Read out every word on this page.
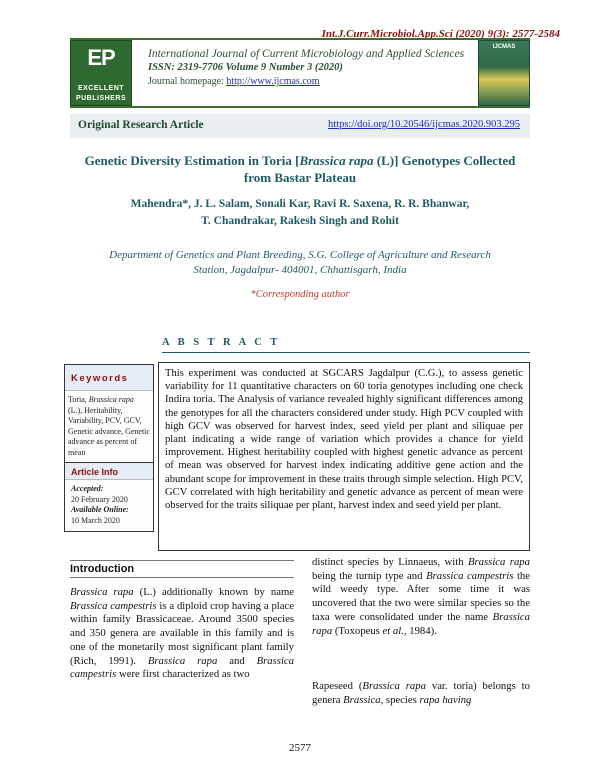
Int.J.Curr.Microbiol.App.Sci (2020) 9(3): 2577-2584
EP
EXCELLENT
PUBLISHERS
International Journal of Current Microbiology and Applied Sciences
ISSN: 2319-7706 Volume 9 Number 3 (2020)
Journal homepage: http://www.ijcmas.com
IJCMAS
Original Research Article	https://doi.org/10.20546/ijcmas.2020.903.295
Genetic Diversity Estimation in Toria [Brassica rapa (L)] Genotypes Collected from Bastar Plateau
Mahendra*, J. L. Salam, Sonali Kar, Ravi R. Saxena, R. R. Bhanwar,
T. Chandrakar, Rakesh Singh and Rohit
Department of Genetics and Plant Breeding, S.G. College of Agriculture and Research
Station, Jagdalpur- 404001, Chhattisgarh, India
*Corresponding author
A B S T R A C T
Keywords
Toria, Brassica rapa (L.), Heritability, Variability, PCV, GCV, Genetic advance, Genetic advance as percent of mean
Article Info
Accepted:
20 February 2020
Available Online:
10 March 2020
This experiment was conducted at SGCARS Jagdalpur (C.G.), to assess genetic variability for 11 quantitative characters on 60 toria genotypes including one check Indira toria. The Analysis of variance revealed highly significant differences among the genotypes for all the characters considered under study. High PCV coupled with high GCV was observed for harvest index, seed yield per plant and siliquae per plant indicating a wide range of variation which provides a chance for yield improvement. Highest heritability coupled with highest genetic advance as percent of mean was observed for harvest index indicating additive gene action and the abundant scope for improvement in these traits through simple selection. High PCV, GCV correlated with high heritability and genetic advance as percent of mean were observed for the traits siliquae per plant, harvest index and seed yield per plant.
Introduction
Brassica rapa (L.) additionally known by name Brassica campestris is a diploid crop having a place within family Brassicaceae. Around 3500 species and 350 genera are available in this family and is one of the monetarily most significant plant family (Rich, 1991). Brassica rapa and Brassica campestris were first characterized as two
distinct species by Linnaeus, with Brassica rapa being the turnip type and Brassica campestris the wild weedy type. After some time it was uncovered that the two were similar species so the taxa were consolidated under the name Brassica rapa (Toxopeus et al., 1984).
Rapeseed (Brassica rapa var. toria) belongs to genera Brassica, species rapa having
2577
